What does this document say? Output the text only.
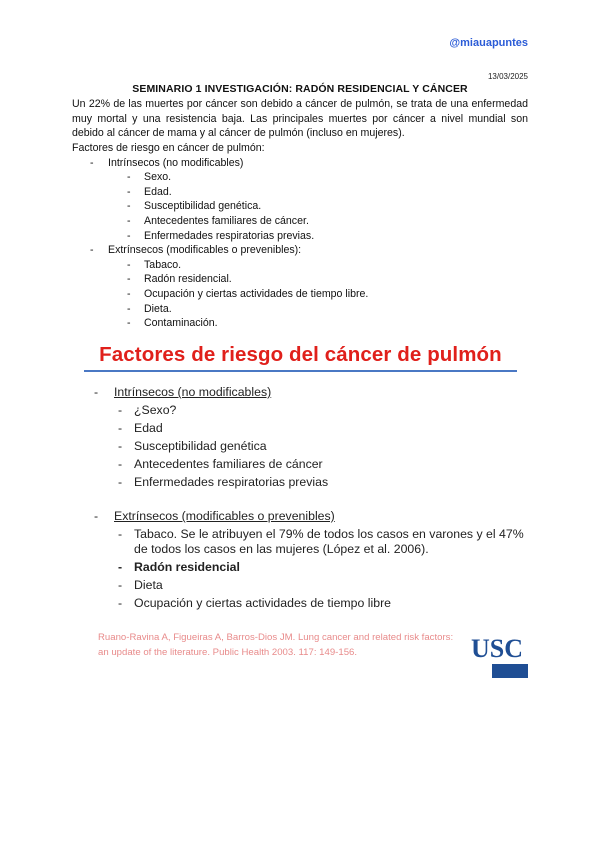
@miauapuntes
13/03/2025
SEMINARIO 1 INVESTIGACIÓN: RADÓN RESIDENCIAL Y CÁNCER
Un 22% de las muertes por cáncer son debido a cáncer de pulmón, se trata de una enfermedad muy mortal y una resistencia baja. Las principales muertes por cáncer a nivel mundial son debido al cáncer de mama y al cáncer de pulmón (incluso en mujeres).
Factores de riesgo en cáncer de pulmón:
- Intrínsecos (no modificables)
- Sexo.
- Edad.
- Susceptibilidad genética.
- Antecedentes familiares de cáncer.
- Enfermedades respiratorias previas.
- Extrínsecos (modificables o prevenibles):
- Tabaco.
- Radón residencial.
- Ocupación y ciertas actividades de tiempo libre.
- Dieta.
- Contaminación.
Factores de riesgo del cáncer de pulmón
- Intrínsecos (no modificables)
- ¿Sexo?
- Edad
- Susceptibilidad genética
- Antecedentes familiares de cáncer
- Enfermedades respiratorias previas
- Extrínsecos (modificables o prevenibles)
- Tabaco. Se le atribuyen el 79% de todos los casos en varones y el 47%
de todos los casos en las mujeres (López et al. 2006).
- Radón residencial
- Dieta
- Ocupación y ciertas actividades de tiempo libre
Ruano-Ravina A, Figueiras A, Barros-Dios JM. Lung cancer and related risk factors: an update of the literature. Public Health 2003. 117: 149-156.	USC
